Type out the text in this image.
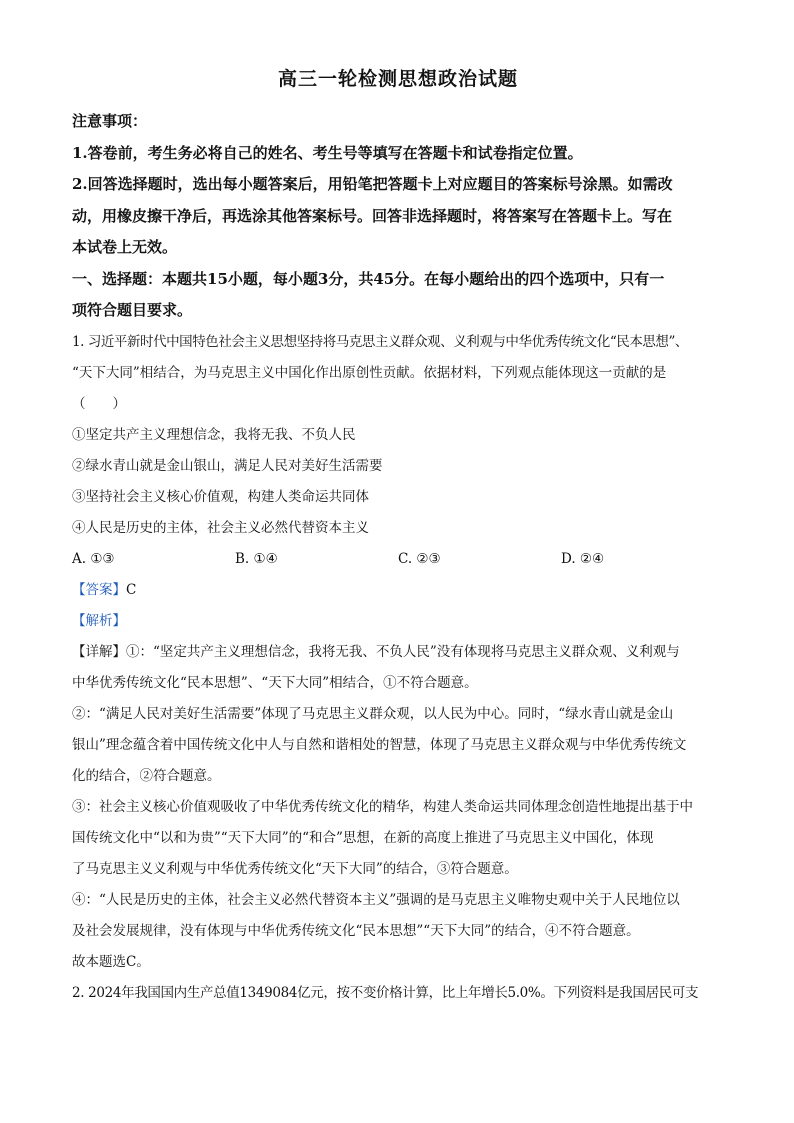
高三一轮检测思想政治试题
注意事项：
1.答卷前，考生务必将自己的姓名、考生号等填写在答题卡和试卷指定位置。
2.回答选择题时，选出每小题答案后，用铅笔把答题卡上对应题目的答案标号涂黑。如需改
动，用橡皮擦干净后，再选涂其他答案标号。回答非选择题时，将答案写在答题卡上。写在
本试卷上无效。
一、选择题：本题共15小题，每小题3分，共45分。在每小题给出的四个选项中，只有一
项符合题目要求。
1. 习近平新时代中国特色社会主义思想坚持将马克思主义群众观、义利观与中华优秀传统文化“民本思想”、
“天下大同”相结合，为马克思主义中国化作出原创性贡献。依据材料，下列观点能体现这一贡献的是
（　　）
①坚定共产主义理想信念，我将无我、不负人民
②绿水青山就是金山银山，满足人民对美好生活需要
③坚持社会主义核心价值观，构建人类命运共同体
④人民是历史的主体，社会主义必然代替资本主义
A. ①③	B. ①④	C. ②③	D. ②④
【答案】C
【解析】
【详解】①：“坚定共产主义理想信念，我将无我、不负人民”没有体现将马克思主义群众观、义利观与
中华优秀传统文化“民本思想”、“天下大同”相结合，①不符合题意。
②：“满足人民对美好生活需要”体现了马克思主义群众观，以人民为中心。同时，“绿水青山就是金山
银山”理念蕴含着中国传统文化中人与自然和谐相处的智慧，体现了马克思主义群众观与中华优秀传统文
化的结合，②符合题意。
③：社会主义核心价值观吸收了中华优秀传统文化的精华，构建人类命运共同体理念创造性地提出基于中
国传统文化中“以和为贵”“天下大同”的“和合”思想，在新的高度上推进了马克思主义中国化，体现
了马克思主义义利观与中华优秀传统文化“天下大同”的结合，③符合题意。
④：“人民是历史的主体，社会主义必然代替资本主义”强调的是马克思主义唯物史观中关于人民地位以
及社会发展规律，没有体现与中华优秀传统文化“民本思想”“天下大同”的结合，④不符合题意。
故本题选C。
2. 2024年我国国内生产总值1349084亿元，按不变价格计算，比上年增长5.0%。下列资料是我国居民可支
